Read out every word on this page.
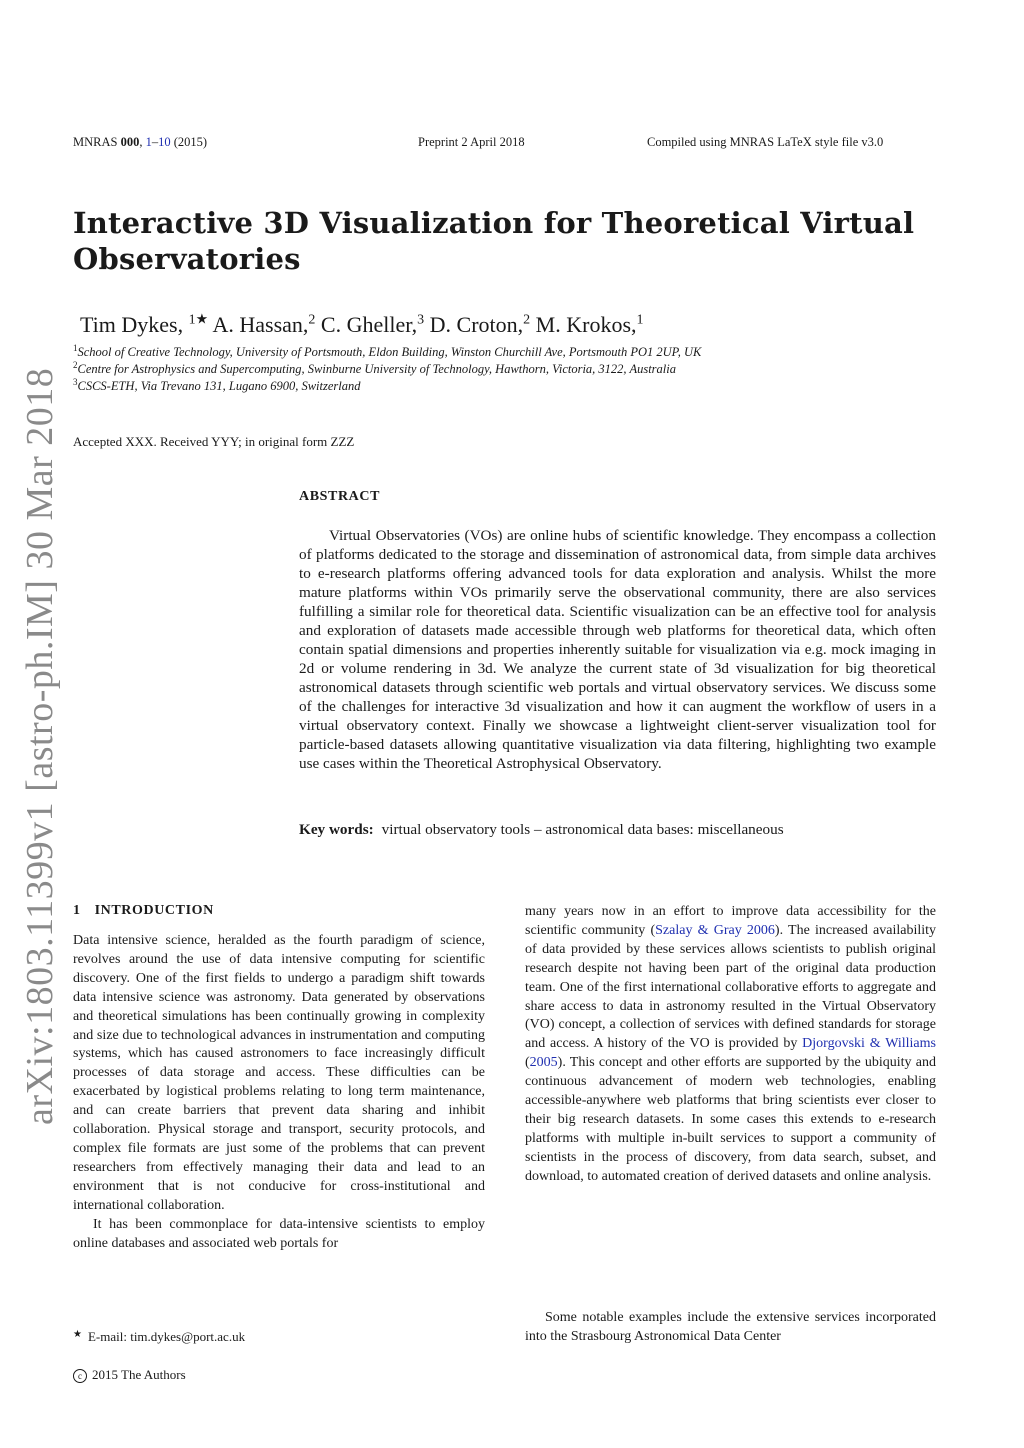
MNRAS 000, 1–10 (2015)	Preprint 2 April 2018	Compiled using MNRAS LaTeX style file v3.0
Interactive 3D Visualization for Theoretical Virtual Observatories
Tim Dykes, $^{1★}$ A. Hassan,$^2$ C. Gheller,$^3$ D. Croton,$^2$ M. Krokos,$^1$
$^1$School of Creative Technology, University of Portsmouth, Eldon Building, Winston Churchill Ave, Portsmouth PO1 2UP, UK
$^2$Centre for Astrophysics and Supercomputing, Swinburne University of Technology, Hawthorn, Victoria, 3122, Australia
$^3$CSCS-ETH, Via Trevano 131, Lugano 6900, Switzerland
Accepted XXX. Received YYY; in original form ZZZ
ABSTRACT
Virtual Observatories (VOs) are online hubs of scientific knowledge. They encompass a collection of platforms dedicated to the storage and dissemination of astronomical data, from simple data archives to e-research platforms offering advanced tools for data exploration and analysis. Whilst the more mature platforms within VOs primarily serve the observational community, there are also services fulfilling a similar role for theoretical data. Scientific visualization can be an effective tool for analysis and exploration of datasets made accessible through web platforms for theoretical data, which often contain spatial dimensions and properties inherently suitable for visualization via e.g. mock imaging in 2d or volume rendering in 3d. We analyze the current state of 3d visualization for big theoretical astronomical datasets through scientific web portals and virtual observatory services. We discuss some of the challenges for interactive 3d visualization and how it can augment the workflow of users in a virtual observatory context. Finally we showcase a lightweight client-server visualization tool for particle-based datasets allowing quantitative visualization via data filtering, highlighting two example use cases within the Theoretical Astrophysical Observatory.
Key words: virtual observatory tools – astronomical data bases: miscellaneous
arXiv:1803.11399v1 [astro-ph.IM] 30 Mar 2018 1 INTRODUCTION

Data intensive science, heralded as the fourth paradigm of science, revolves around the use of data intensive computing for scientific discovery. One of the first fields to undergo a paradigm shift towards data intensive science was astronomy. Data generated by observations and theoretical simulations has been continually growing in complexity and size due to technological advances in instrumentation and computing systems, which has caused astronomers to face increasingly difficult processes of data storage and access. These difficulties can be exacerbated by logistical problems relating to long term maintenance, and can create barriers that prevent data sharing and inhibit collaboration. Physical storage and transport, security protocols, and complex file formats are just some of the problems that can prevent researchers from effectively managing their data and lead to an environment that is not conducive for cross-institutional and international collaboration.

It has been commonplace for data-intensive scientists to employ online databases and associated web portals for

many years now in an effort to improve data accessibility for the scientific community (Szalay & Gray 2006). The increased availability of data provided by these services allows scientists to publish original research despite not having been part of the original data production team. One of the first international collaborative efforts to aggregate and share access to data in astronomy resulted in the Virtual Observatory (VO) concept, a collection of services with defined standards for storage and access. A history of the VO is provided by Djorgovski & Williams (2005). This concept and other efforts are supported by the ubiquity and continuous advancement of modern web technologies, enabling accessible-anywhere web platforms that bring scientists ever closer to their big research datasets. In some cases this extends to e-research platforms with multiple in-built services to support a community of scientists in the process of discovery, from data search, subset, and download, to automated creation of derived datasets and online analysis.

Some notable examples include the extensive services incorporated into the Strasbourg Astronomical Data Center

★ E-mail: tim.dykes@port.ac.uk
c 2015 The Authors
